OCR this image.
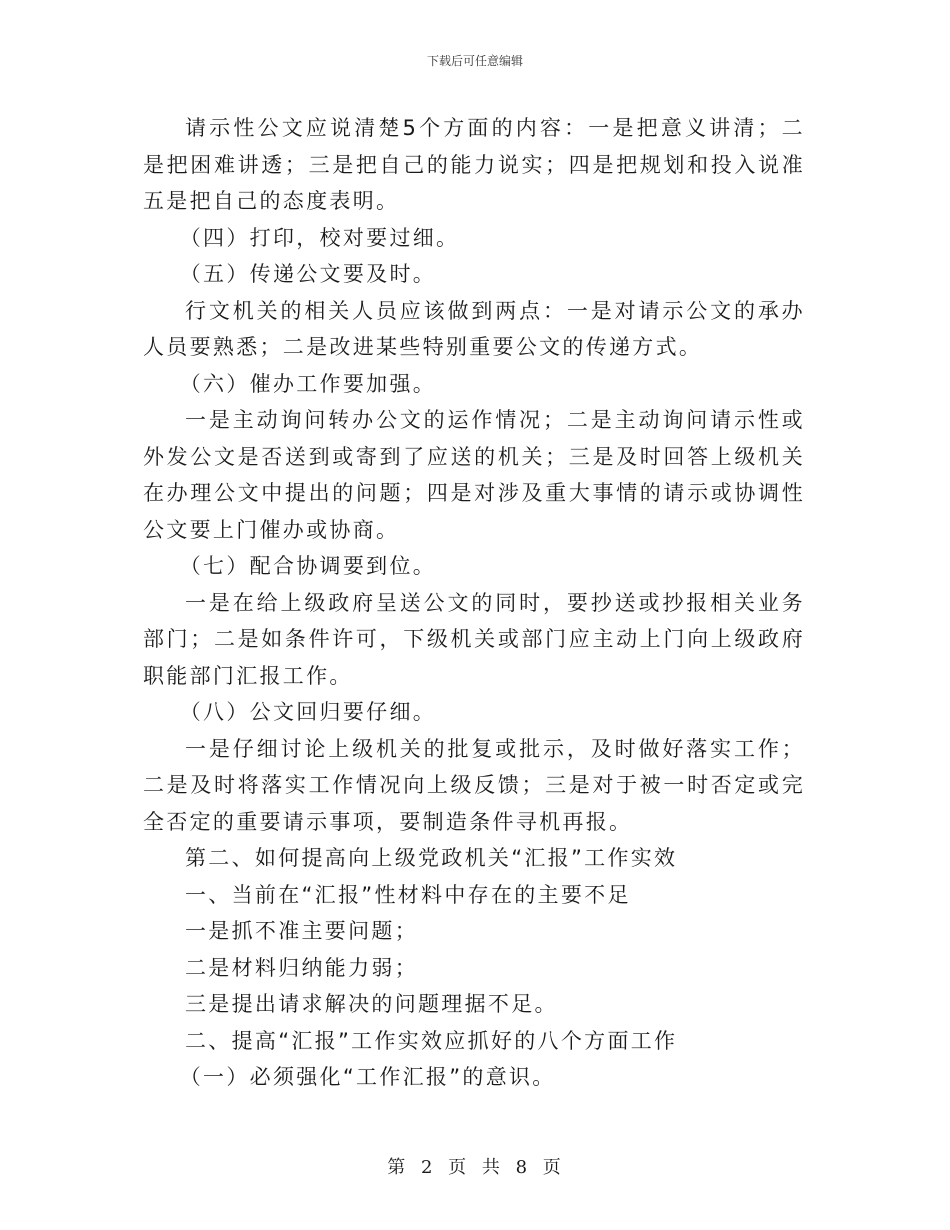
下载后可任意编辑

请示性公文应说清楚5个方面的内容：一是把意义讲清；二是把困难讲透；三是把自己的能力说实；四是把规划和投入说准五是把自己的态度表明。

（四）打印，校对要过细。

（五）传递公文要及时。

行文机关的相关人员应该做到两点：一是对请示公文的承办人员要熟悉；二是改进某些特别重要公文的传递方式。

（六）催办工作要加强。

一是主动询问转办公文的运作情况；二是主动询问请示性或外发公文是否送到或寄到了应送的机关；三是及时回答上级机关在办理公文中提出的问题；四是对涉及重大事情的请示或协调性公文要上门催办或协商。

（七）配合协调要到位。

一是在给上级政府呈送公文的同时，要抄送或抄报相关业务部门；二是如条件许可，下级机关或部门应主动上门向上级政府职能部门汇报工作。

（八）公文回归要仔细。

一是仔细讨论上级机关的批复或批示，及时做好落实工作；二是及时将落实工作情况向上级反馈；三是对于被一时否定或完全否定的重要请示事项，要制造条件寻机再报。

第二、如何提高向上级党政机关“汇报”工作实效

一、当前在“汇报”性材料中存在的主要不足

一是抓不准主要问题；

二是材料归纳能力弱；

三是提出请求解决的问题理据不足。

二、提高“汇报”工作实效应抓好的八个方面工作

（一）必须强化“工作汇报”的意识。

第 2 页 共 8 页
